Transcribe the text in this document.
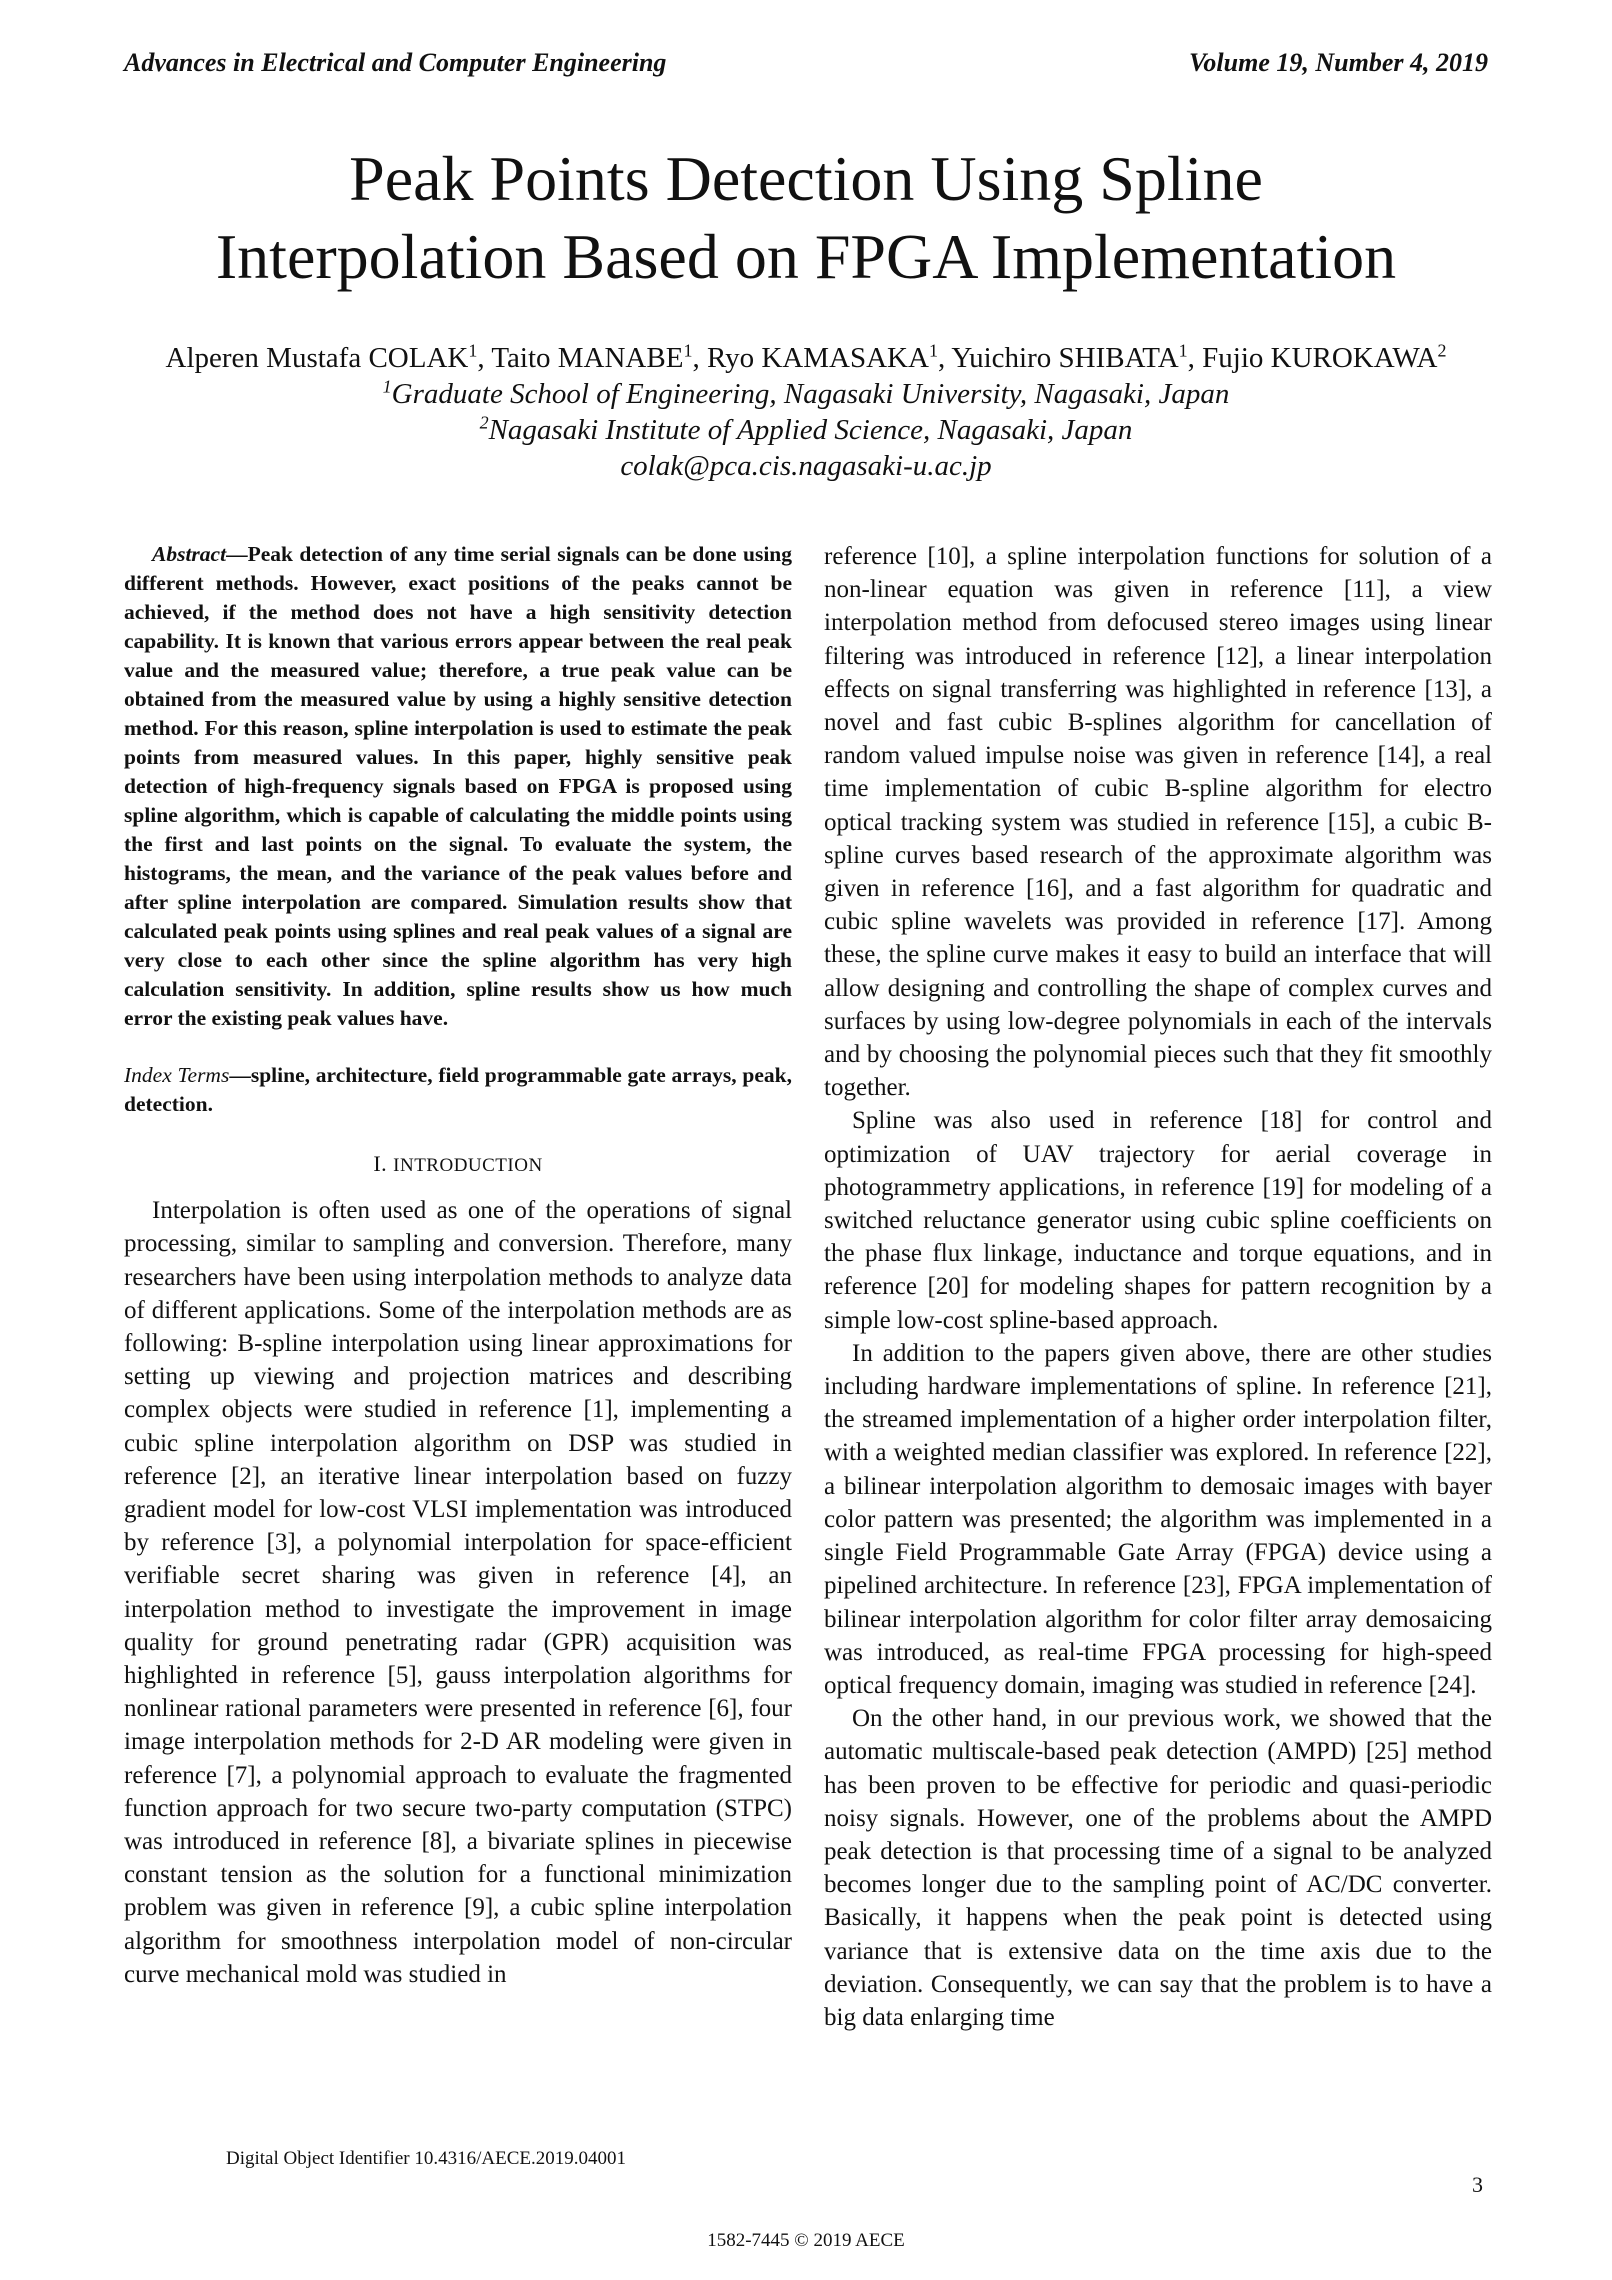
Advances in Electrical and Computer Engineering	Volume 19, Number 4, 2019
Peak Points Detection Using Spline
Interpolation Based on FPGA Implementation
Alperen Mustafa COLAK$^1$, Taito MANABE$^1$, Ryo KAMASAKA$^1$, Yuichiro SHIBATA$^1$, Fujio KUROKAWA$^2$
$^1$Graduate School of Engineering, Nagasaki University, Nagasaki, Japan
$^2$Nagasaki Institute of Applied Science, Nagasaki, Japan
colak@pca.cis.nagasaki-u.ac.jp

Abstract—Peak detection of any time serial signals can be done using different methods. However, exact positions of the peaks cannot be achieved, if the method does not have a high sensitivity detection capability. It is known that various errors appear between the real peak value and the measured value; therefore, a true peak value can be obtained from the measured value by using a highly sensitive detection method. For this reason, spline interpolation is used to estimate the peak points from measured values. In this paper, highly sensitive peak detection of high-frequency signals based on FPGA is proposed using spline algorithm, which is capable of calculating the middle points using the first and last points on the signal. To evaluate the system, the histograms, the mean, and the variance of the peak values before and after spline interpolation are compared. Simulation results show that calculated peak points using splines and real peak values of a signal are very close to each other since the spline algorithm has very high calculation sensitivity. In addition, spline results show us how much error the existing peak values have.

Index Terms—spline, architecture, field programmable gate arrays, peak, detection.

I. INTRODUCTION

Interpolation is often used as one of the operations of signal processing, similar to sampling and conversion. Therefore, many researchers have been using interpolation methods to analyze data of different applications. Some of the interpolation methods are as following: B-spline interpolation using linear approximations for setting up viewing and projection matrices and describing complex objects were studied in reference [1], implementing a cubic spline interpolation algorithm on DSP was studied in reference [2], an iterative linear interpolation based on fuzzy gradient model for low-cost VLSI implementation was introduced by reference [3], a polynomial interpolation for space-efficient verifiable secret sharing was given in reference [4], an interpolation method to investigate the improvement in image quality for ground penetrating radar (GPR) acquisition was highlighted in reference [5], gauss interpolation algorithms for nonlinear rational parameters were presented in reference [6], four image interpolation methods for 2-D AR modeling were given in reference [7], a polynomial approach to evaluate the fragmented function approach for two secure two-party computation (STPC) was introduced in reference [8], a bivariate splines in piecewise constant tension as the solution for a functional minimization problem was given in reference [9], a cubic spline interpolation algorithm for smoothness interpolation model of non-circular curve mechanical mold was studied in

reference [10], a spline interpolation functions for solution of a non-linear equation was given in reference [11], a view interpolation method from defocused stereo images using linear filtering was introduced in reference [12], a linear interpolation effects on signal transferring was highlighted in reference [13], a novel and fast cubic B-splines algorithm for cancellation of random valued impulse noise was given in reference [14], a real time implementation of cubic B-spline algorithm for electro optical tracking system was studied in reference [15], a cubic B-spline curves based research of the approximate algorithm was given in reference [16], and a fast algorithm for quadratic and cubic spline wavelets was provided in reference [17]. Among these, the spline curve makes it easy to build an interface that will allow designing and controlling the shape of complex curves and surfaces by using low-degree polynomials in each of the intervals and by choosing the polynomial pieces such that they fit smoothly together.

Spline was also used in reference [18] for control and optimization of UAV trajectory for aerial coverage in photogrammetry applications, in reference [19] for modeling of a switched reluctance generator using cubic spline coefficients on the phase flux linkage, inductance and torque equations, and in reference [20] for modeling shapes for pattern recognition by a simple low-cost spline-based approach.

In addition to the papers given above, there are other studies including hardware implementations of spline. In reference [21], the streamed implementation of a higher order interpolation filter, with a weighted median classifier was explored. In reference [22], a bilinear interpolation algorithm to demosaic images with bayer color pattern was presented; the algorithm was implemented in a single Field Programmable Gate Array (FPGA) device using a pipelined architecture. In reference [23], FPGA implementation of bilinear interpolation algorithm for color filter array demosaicing was introduced, as real-time FPGA processing for high-speed optical frequency domain, imaging was studied in reference [24].

On the other hand, in our previous work, we showed that the automatic multiscale-based peak detection (AMPD) [25] method has been proven to be effective for periodic and quasi-periodic noisy signals. However, one of the problems about the AMPD peak detection is that processing time of a signal to be analyzed becomes longer due to the sampling point of AC/DC converter. Basically, it happens when the peak point is detected using variance that is extensive data on the time axis due to the deviation. Consequently, we can say that the problem is to have a big data enlarging time

Digital Object Identifier 10.4316/AECE.2019.04001
3
1582-7445 © 2019 AECE
